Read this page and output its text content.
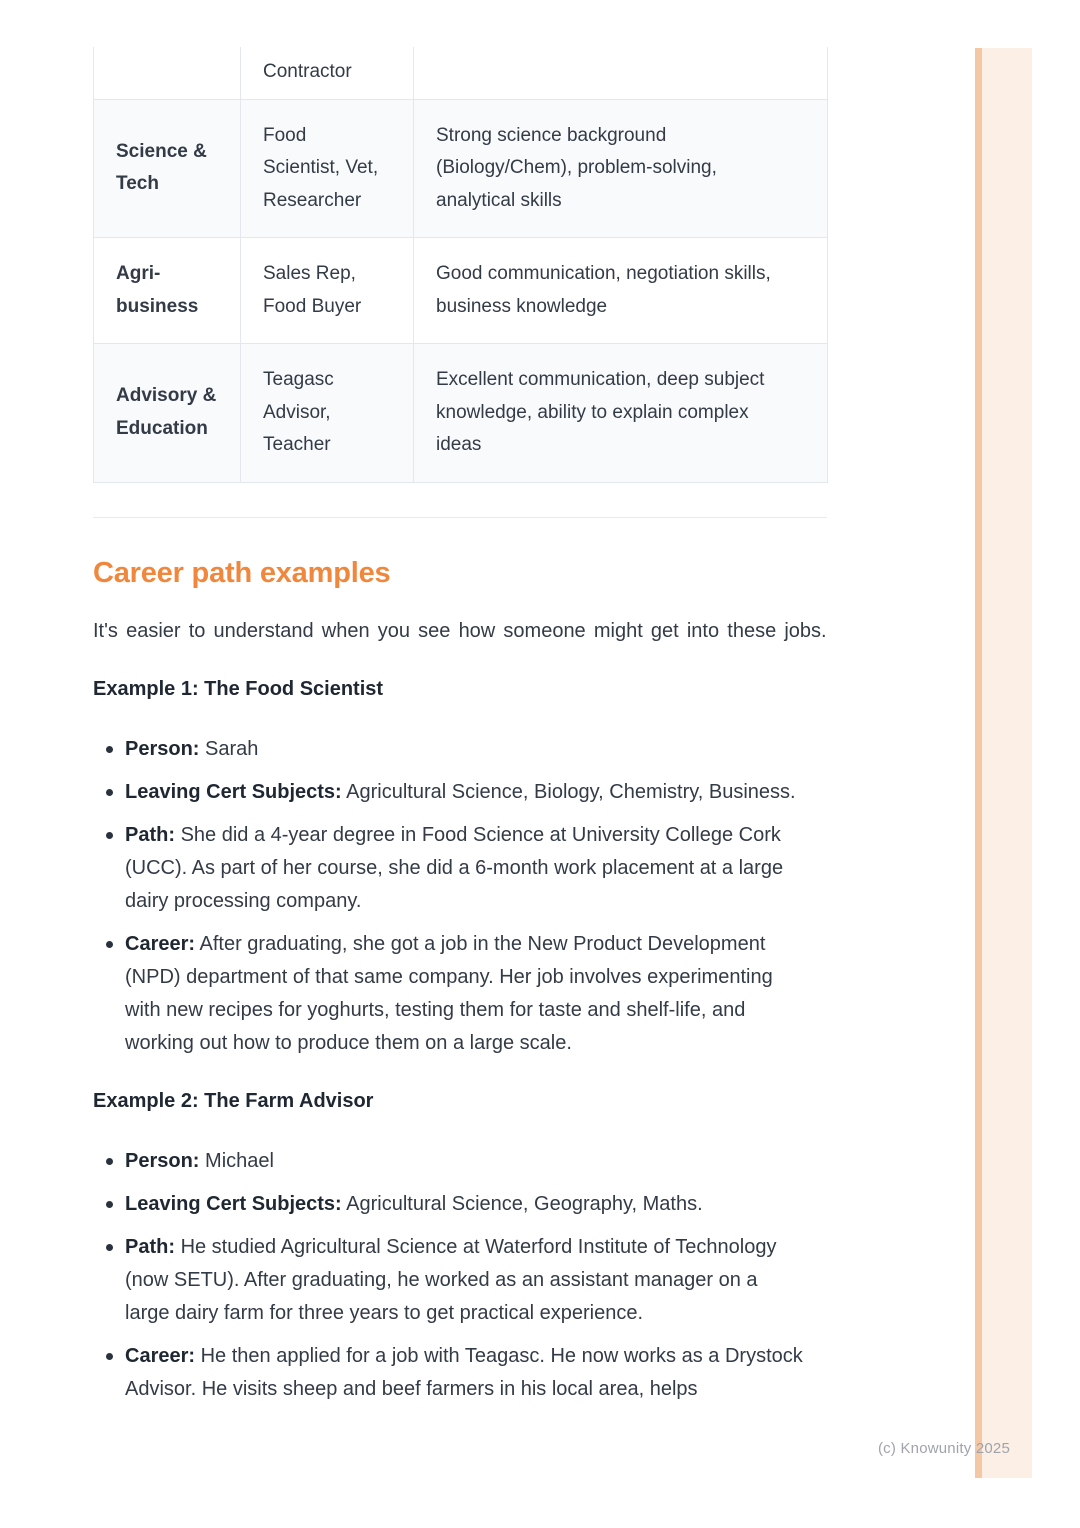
	Contractor	
Science & Tech	Food Scientist, Vet, Researcher	Strong science background (Biology/Chem), problem-solving, analytical skills
Agri-business	Sales Rep, Food Buyer	Good communication, negotiation skills, business knowledge
Advisory & Education	Teagasc Advisor, Teacher	Excellent communication, deep subject knowledge, ability to explain complex ideas
Career path examples

It's easier to understand when you see how someone might get into these jobs.

Example 1: The Food Scientist
Person: Sarah
Leaving Cert Subjects: Agricultural Science, Biology, Chemistry, Business.
Path: She did a 4-year degree in Food Science at University College Cork (UCC). As part of her course, she did a 6-month work placement at a large dairy processing company.
Career: After graduating, she got a job in the New Product Development (NPD) department of that same company. Her job involves experimenting with new recipes for yoghurts, testing them for taste and shelf-life, and working out how to produce them on a large scale.
Example 2: The Farm Advisor
Person: Michael
Leaving Cert Subjects: Agricultural Science, Geography, Maths.
Path: He studied Agricultural Science at Waterford Institute of Technology (now SETU). After graduating, he worked as an assistant manager on a large dairy farm for three years to get practical experience.
Career: He then applied for a job with Teagasc. He now works as a Drystock Advisor. He visits sheep and beef farmers in his local area, helps
(c) Knowunity 2025
